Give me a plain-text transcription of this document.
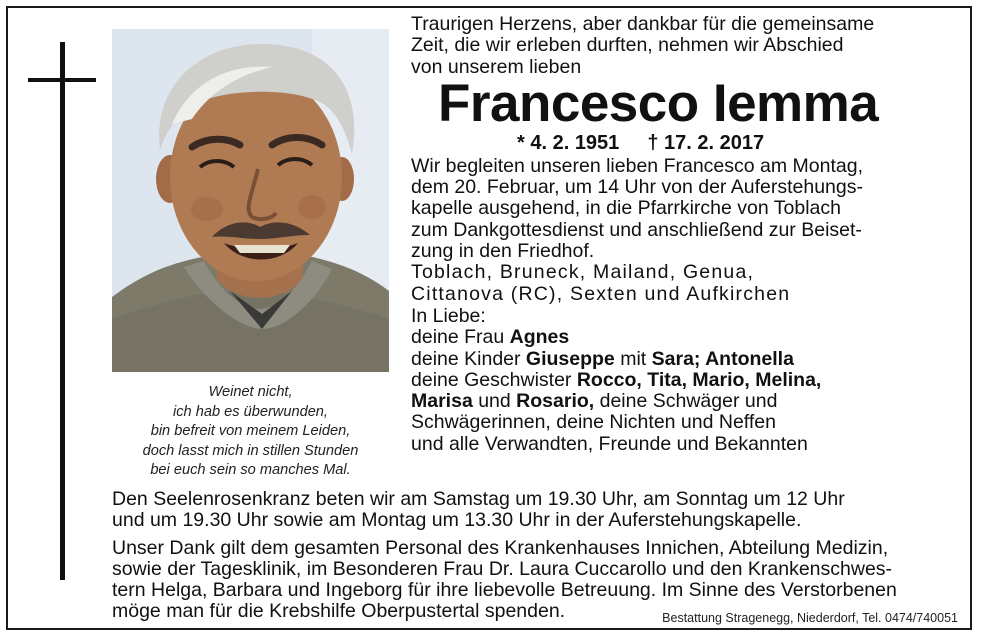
Weinet nicht,
ich hab es überwunden,
bin befreit von meinem Leiden,
doch lasst mich in stillen Stunden
bei euch sein so manches Mal.
Traurigen Herzens, aber dankbar für die gemeinsame
Zeit, die wir erleben durften, nehmen wir Abschied
von unserem lieben
Francesco Iemma
* 4. 2. 1951 † 17. 2. 2017
Wir begleiten unseren lieben Francesco am Montag,
dem 20. Februar, um 14 Uhr von der Auferstehungs-
kapelle ausgehend, in die Pfarrkirche von Toblach
zum Dankgottesdienst und anschließend zur Beiset-
zung in den Friedhof.
Toblach, Bruneck, Mailand, Genua,
Cittanova (RC), Sexten und Aufkirchen
In Liebe:
deine Frau Agnes
deine Kinder Giuseppe mit Sara; Antonella
deine Geschwister Rocco, Tita, Mario, Melina,
Marisa und Rosario, deine Schwäger und
Schwägerinnen, deine Nichten und Neffen
und alle Verwandten, Freunde und Bekannten
Den Seelenrosenkranz beten wir am Samstag um 19.30 Uhr, am Sonntag um 12 Uhr
und um 19.30 Uhr sowie am Montag um 13.30 Uhr in der Auferstehungskapelle.
Unser Dank gilt dem gesamten Personal des Krankenhauses Innichen, Abteilung Medizin,
sowie der Tagesklinik, im Besonderen Frau Dr. Laura Cuccarollo und den Krankenschwes-
tern Helga, Barbara und Ingeborg für ihre liebevolle Betreuung. Im Sinne des Verstorbenen
möge man für die Krebshilfe Oberpustertal spenden.	Bestattung Stragenegg, Niederdorf, Tel. 0474/740051
